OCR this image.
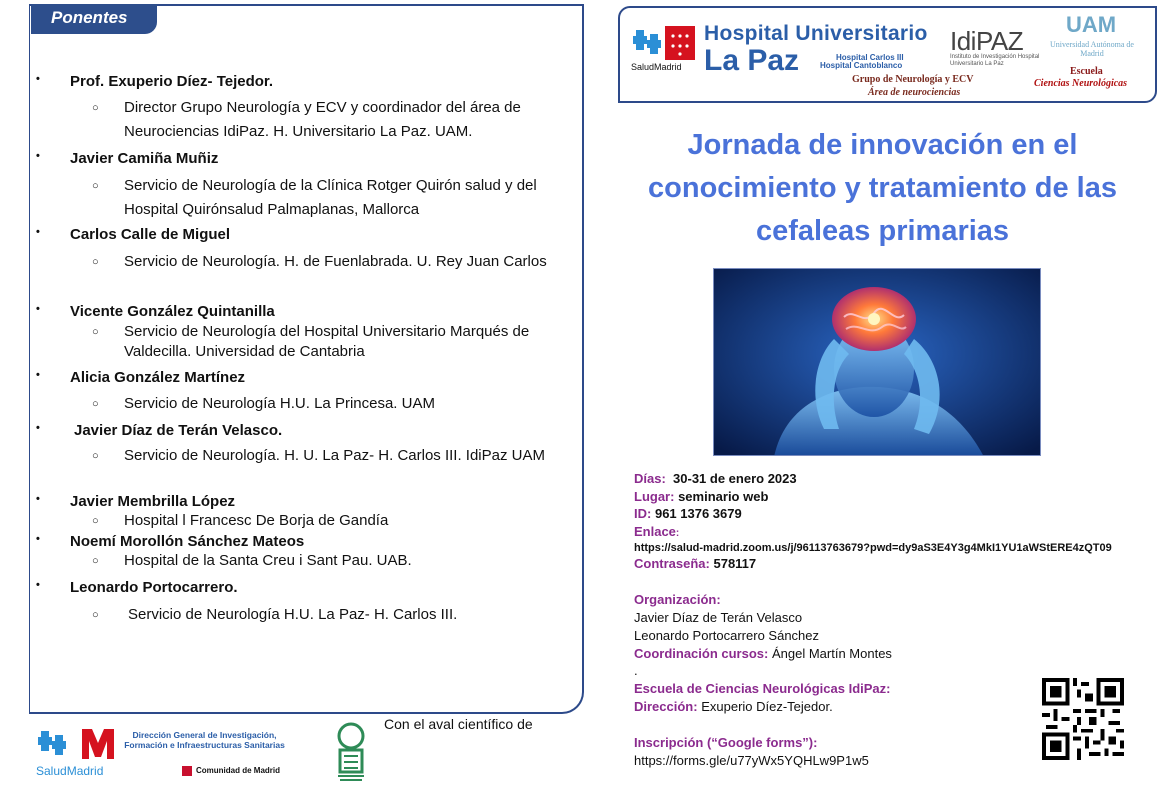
Ponentes
• Prof. Exuperio Díez- Tejedor.
○ Director Grupo Neurología y ECV y coordinador del área de Neurociencias IdiPaz. H. Universitario La Paz. UAM.
• Javier Camiña Muñiz
○ Servicio de Neurología de la Clínica Rotger Quirón salud y del Hospital Quirónsalud Palmaplanas, Mallorca
• Carlos Calle de Miguel
○ Servicio de Neurología. H. de Fuenlabrada. U. Rey Juan Carlos
• Vicente González Quintanilla
○ Servicio de Neurología del Hospital Universitario Marqués de Valdecilla. Universidad de Cantabria
• Alicia González Martínez
○ Servicio de Neurología H.U. La Princesa. UAM
• Javier Díaz de Terán Velasco.
○ Servicio de Neurología. H. U. La Paz- H. Carlos III. IdiPaz UAM
• Javier Membrilla López
○ Hospital l Francesc De Borja de Gandía
• Noemí Morollón Sánchez Mateos
○ Hospital de la Santa Creu i Sant Pau. UAB.
• Leonardo Portocarrero.
○ Servicio de Neurología H.U. La Paz- H. Carlos III.
SaludMadrid
Dirección General de Investigación, Formación e Infraestructuras Sanitarias
Comunidad de Madrid
Con el aval científico de
SaludMadrid
Hospital Universitario
La Paz	Hospital Carlos III
Hospital Cantoblanco
IdiPAZ
Instituto de Investigación Hospital Universitario La Paz
Grupo de Neurología y ECV
Área de neurociencias
UAM
Universidad Autónoma de Madrid
Escuela
Ciencias Neurológicas
Jornada de innovación en el conocimiento y tratamiento de las cefaleas primarias
Días: 30-31 de enero 2023
Lugar: seminario web
ID: 961 1376 3679
Enlace:
https://salud-madrid.zoom.us/j/96113763679?pwd=dy9aS3E4Y3g4MkI1YU1aWStERE4zQT09
Contraseña: 578117
Organización:
Javier Díaz de Terán Velasco
Leonardo Portocarrero Sánchez
Coordinación cursos: Ángel Martín Montes
.
Escuela de Ciencias Neurológicas IdiPaz:
Dirección: Exuperio Díez-Tejedor.
Inscripción (“Google forms”):
https://forms.gle/u77yWx5YQHLw9P1w5
